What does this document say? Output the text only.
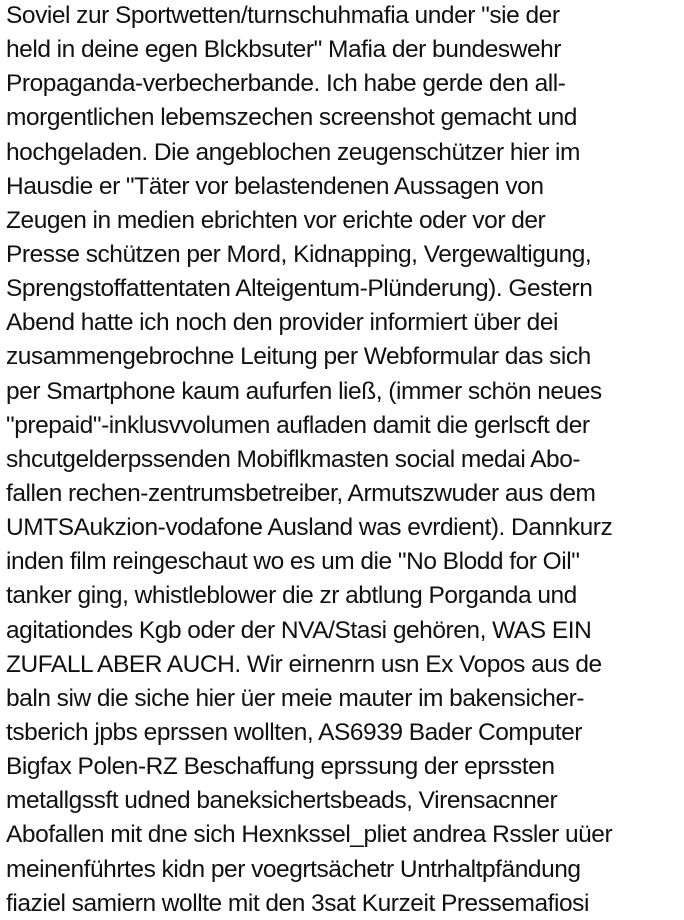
Soviel zur Sportwetten/turnschuhmafia under "sie der
held in deine egen Blckbsuter" Mafia der bundeswehr
Propaganda-verbecherbande. Ich habe gerde den all-
morgentlichen lebemszechen screenshot gemacht und
hochgeladen. Die angeblochen zeugenschützer hier im
Hausdie er "Täter vor belastendenen Aussagen von
Zeugen in medien ebrichten vor erichte oder vor der
Presse schützen per Mord, Kidnapping, Vergewaltigung,
Sprengstoffattentaten Alteigentum-Plünderung). Gestern
Abend hatte ich noch den provider informiert über dei
zusammengebrochne Leitung per Webformular das sich
per Smartphone kaum aufurfen ließ, (immer schön neues
"prepaid"-inklusvvolumen aufladen damit die gerlscft der
shcutgelderpssenden Mobiflkmasten social medai Abo-
fallen rechen-zentrumsbetreiber, Armutszwuder aus dem
UMTSAukzion-vodafone Ausland was evrdient). Dannkurz
inden film reingeschaut wo es um die "No Blodd for Oil"
tanker ging, whistleblower die zr abtlung Porganda und
agitationdes Kgb oder der NVA/Stasi gehören, WAS EIN
ZUFALL ABER AUCH. Wir eirnenrn usn Ex Vopos aus de
baln siw die siche hier üer meie mauter im bakensicher-
tsberich jpbs eprssen wollten, AS6939 Bader Computer
Bigfax Polen-RZ Beschaffung eprssung der eprssten
metallgssft udned baneksichertsbeads, Virensacnner
Abofallen mit dne sich Hexnkssel_pliet andrea Rssler uüer
meinenführtes kidn per voegrtsächetr Untrhaltpfändung
fiaziel samiern wollte mit den 3sat Kurzeit Pressemafiosi
